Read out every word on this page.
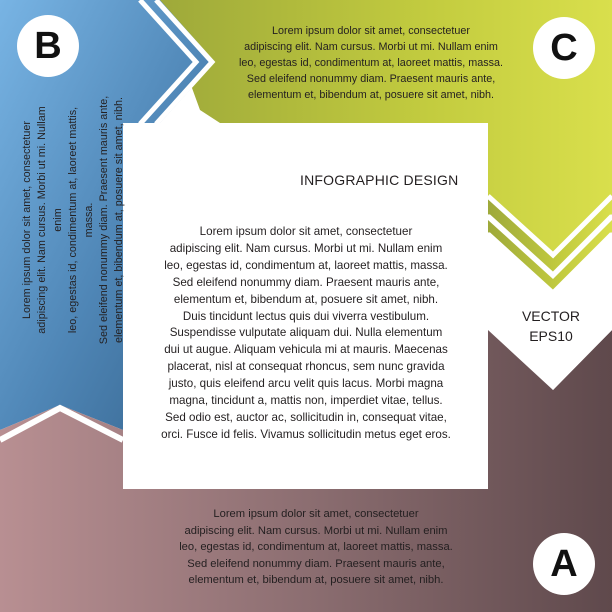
INFOGRAPHIC DESIGN
Lorem ipsum dolor sit amet, consectetuer
adipiscing elit. Nam cursus. Morbi ut mi. Nullam enim
leo, egestas id, condimentum at, laoreet mattis, massa.
Sed eleifend nonummy diam. Praesent mauris ante,
elementum et, bibendum at, posuere sit amet, nibh.
Duis tincidunt lectus quis dui viverra vestibulum.
Suspendisse vulputate aliquam dui. Nulla elementum
dui ut augue. Aliquam vehicula mi at mauris. Maecenas
placerat, nisl at consequat rhoncus, sem nunc gravida
justo, quis eleifend arcu velit quis lacus. Morbi magna
magna, tincidunt a, mattis non, imperdiet vitae, tellus.
Sed odio est, auctor ac, sollicitudin in, consequat vitae,
orci. Fusce id felis. Vivamus sollicitudin metus eget eros.
Lorem ipsum dolor sit amet, consectetuer
adipiscing elit. Nam cursus. Morbi ut mi. Nullam enim
leo, egestas id, condimentum at, laoreet mattis, massa.
Sed eleifend nonummy diam. Praesent mauris ante,
elementum et, bibendum at, posuere sit amet, nibh.
Lorem ipsum dolor sit amet, consectetuer
adipiscing elit. Nam cursus. Morbi ut mi. Nullam enim
leo, egestas id, condimentum at, laoreet mattis, massa.
Sed eleifend nonummy diam. Praesent mauris ante,
elementum et, bibendum at, posuere sit amet, nibh.
Lorem ipsum dolor sit amet, consectetuer
adipiscing elit. Nam cursus. Morbi ut mi. Nullam enim
leo, egestas id, condimentum at, laoreet mattis, massa.
Sed eleifend nonummy diam. Praesent mauris ante,
elementum et, bibendum at, posuere sit amet, nibh.
VECTOR
EPS10
B	C
A
